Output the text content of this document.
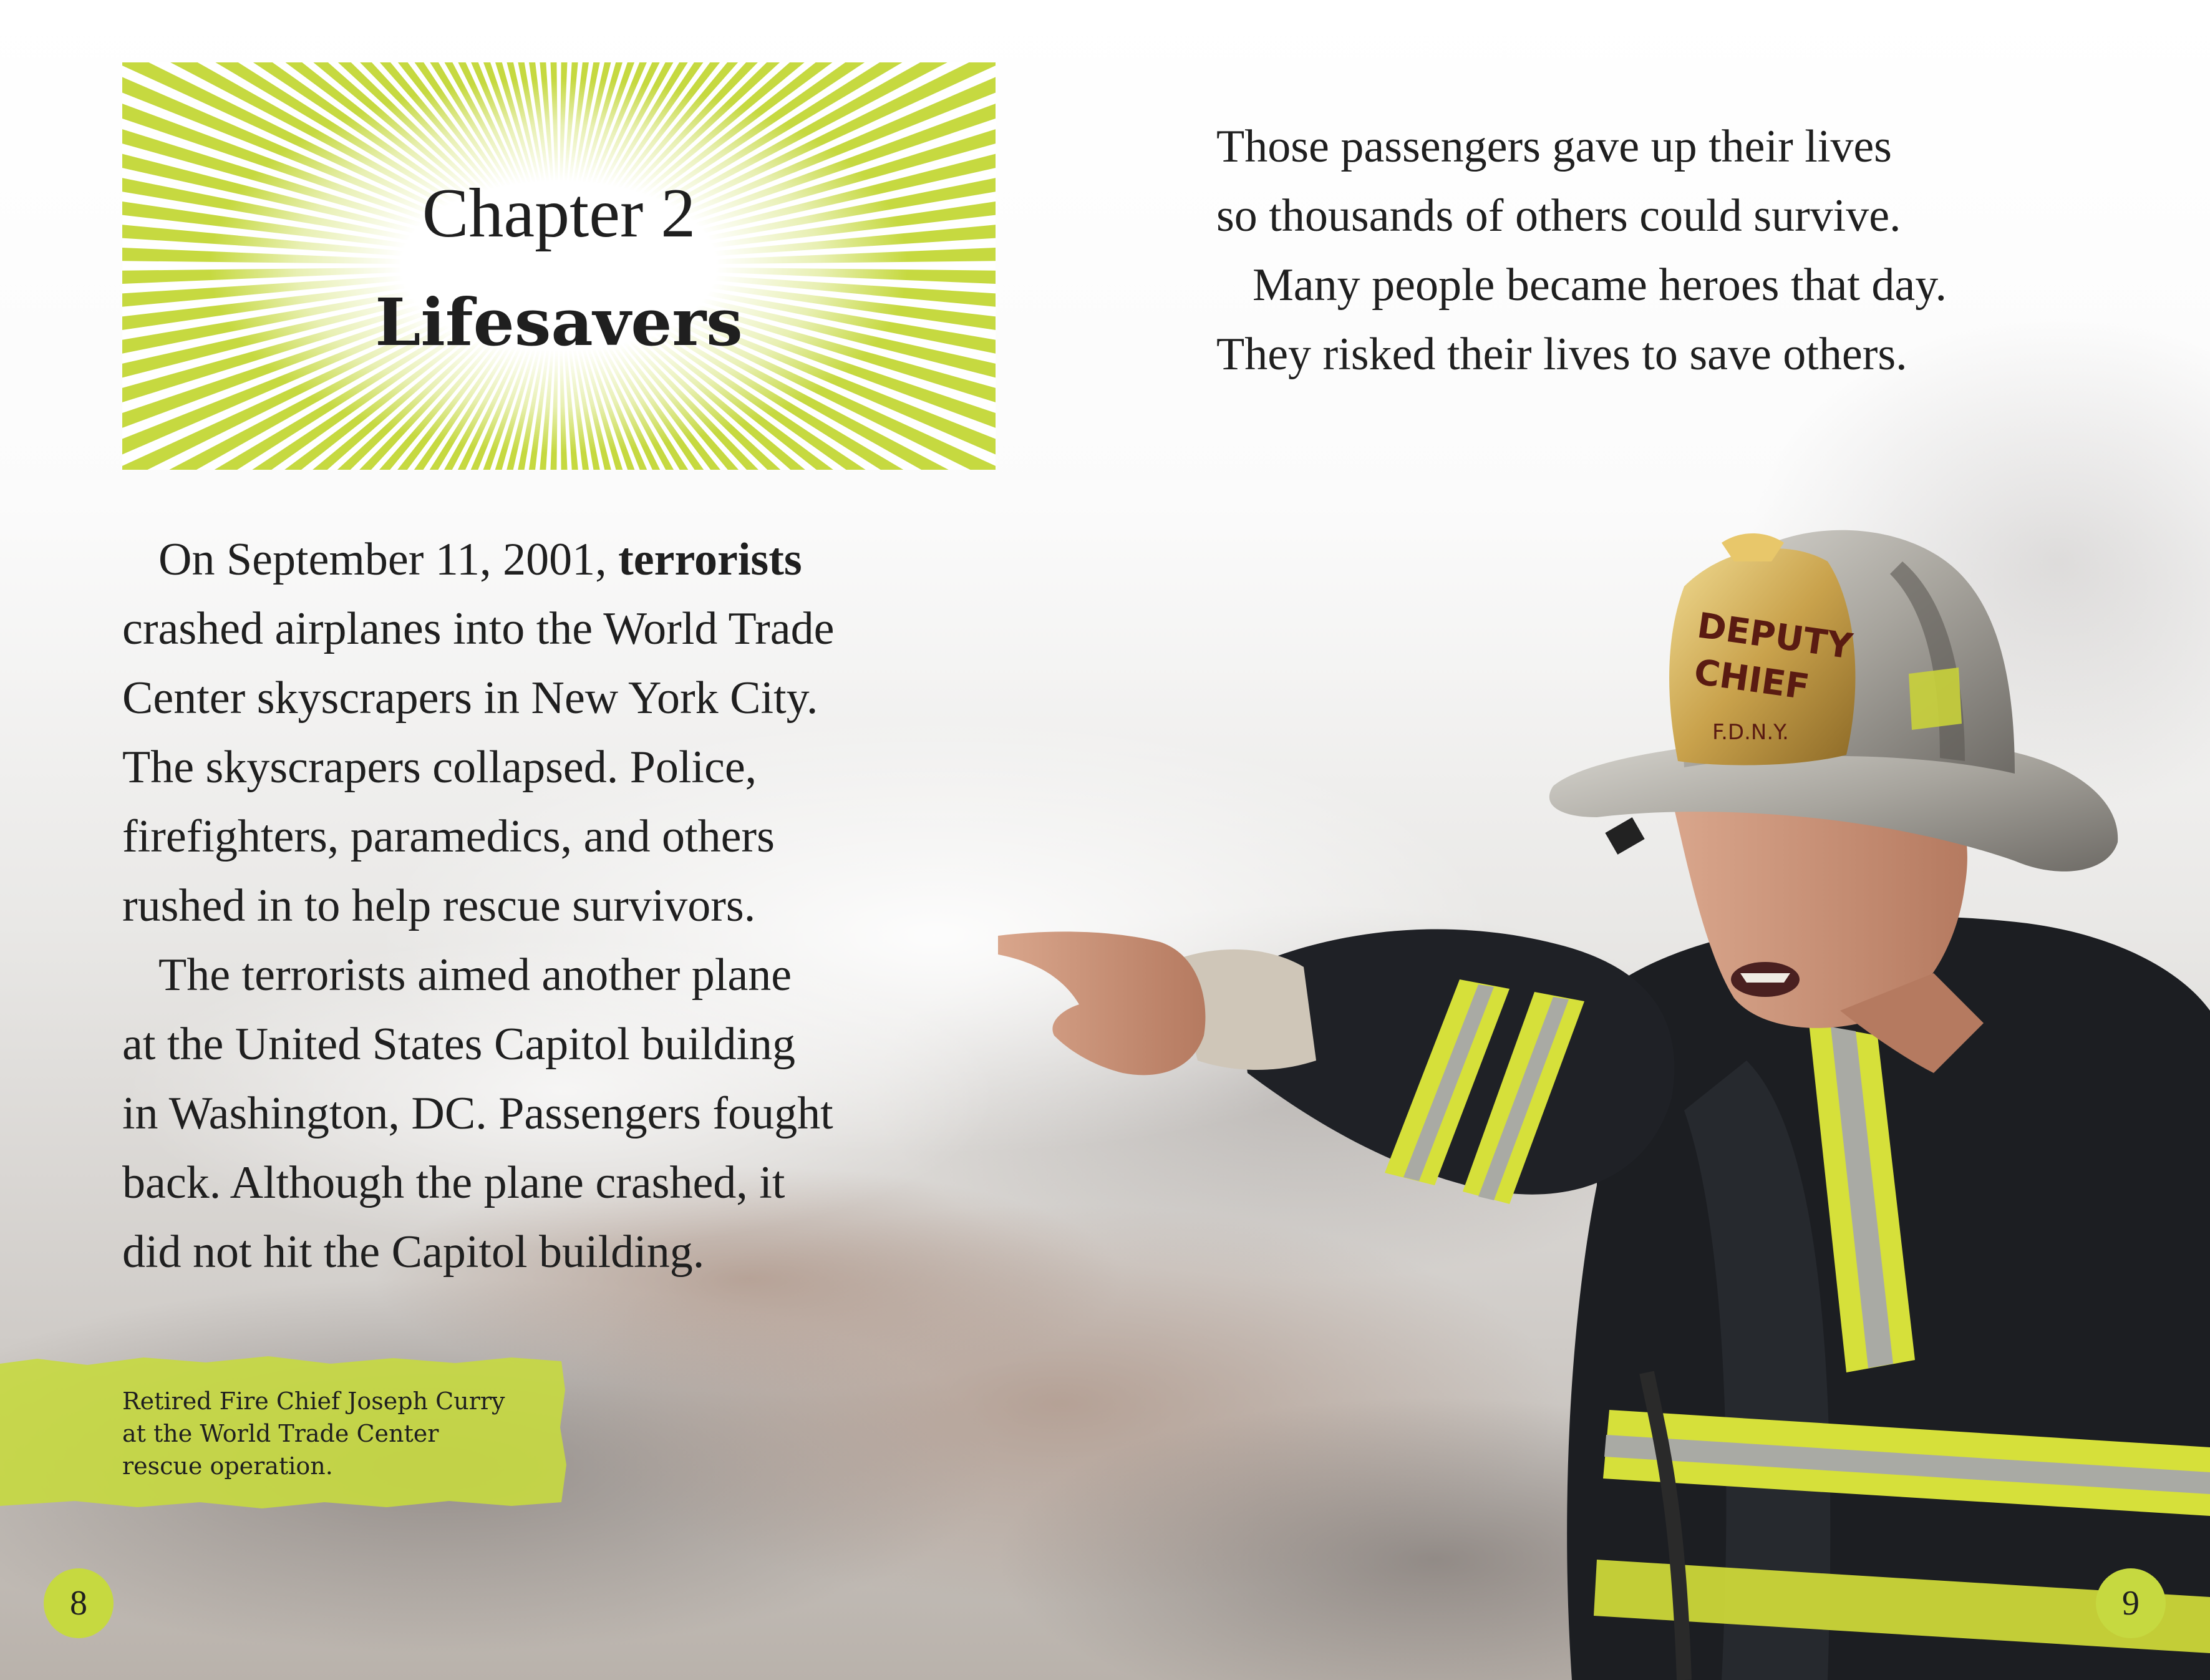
DEPUTY
CHIEF
F.D.N.Y.
Chapter 2
Lifesavers

On September 11, 2001, terrorists

crashed airplanes into the World Trade

Center skyscrapers in New York City.

The skyscrapers collapsed. Police,

firefighters, paramedics, and others

rushed in to help rescue survivors.

The terrorists aimed another plane

at the United States Capitol building

in Washington, DC. Passengers fought

back. Although the plane crashed, it

did not hit the Capitol building.

Those passengers gave up their lives

so thousands of others could survive.

Many people became heroes that day.

They risked their lives to save others.

Retired Fire Chief Joseph Curry
at the World Trade Center
rescue operation.
8	9
